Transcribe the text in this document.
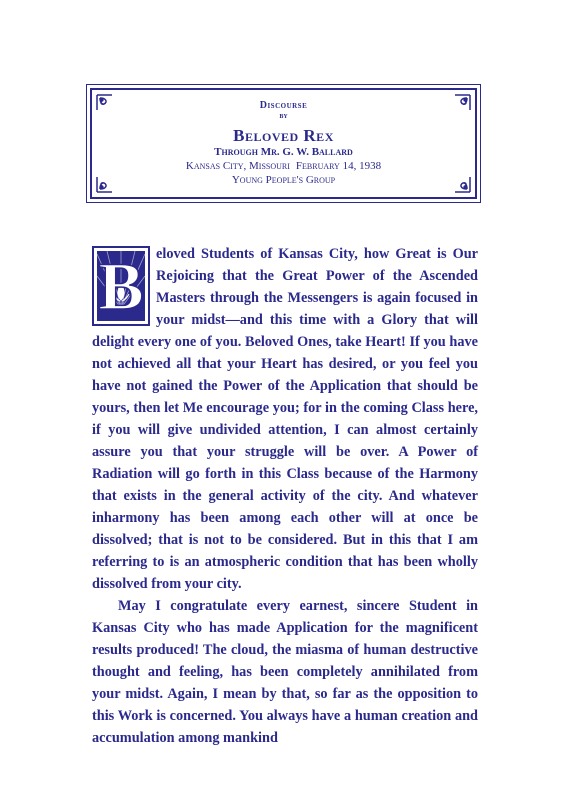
Discourse
by
Beloved Rex
Through Mr. G. W. Ballard
Kansas City, Missouri February 14, 1938
Young People's Group

B eloved Students of Kansas City, how Great is Our Rejoicing that the Great Power of the Ascended Masters through the Messengers is again focused in your midst—and this time with a Glory that will delight every one of you. Beloved Ones, take Heart! If you have not achieved all that your Heart has desired, or you feel you have not gained the Power of the Application that should be yours, then let Me encourage you; for in the coming Class here, if you will give undivided attention, I can almost certainly assure you that your struggle will be over. A Power of Radiation will go forth in this Class because of the Harmony that exists in the general activity of the city. And whatever inharmony has been among each other will at once be dissolved; that is not to be considered. But in this that I am referring to is an atmospheric condition that has been wholly dissolved from your city.

May I congratulate every earnest, sincere Student in Kansas City who has made Application for the magnificent results produced! The cloud, the miasma of human destructive thought and feeling, has been completely annihilated from your midst. Again, I mean by that, so far as the opposition to this Work is concerned. You always have a human creation and accumulation among mankind
